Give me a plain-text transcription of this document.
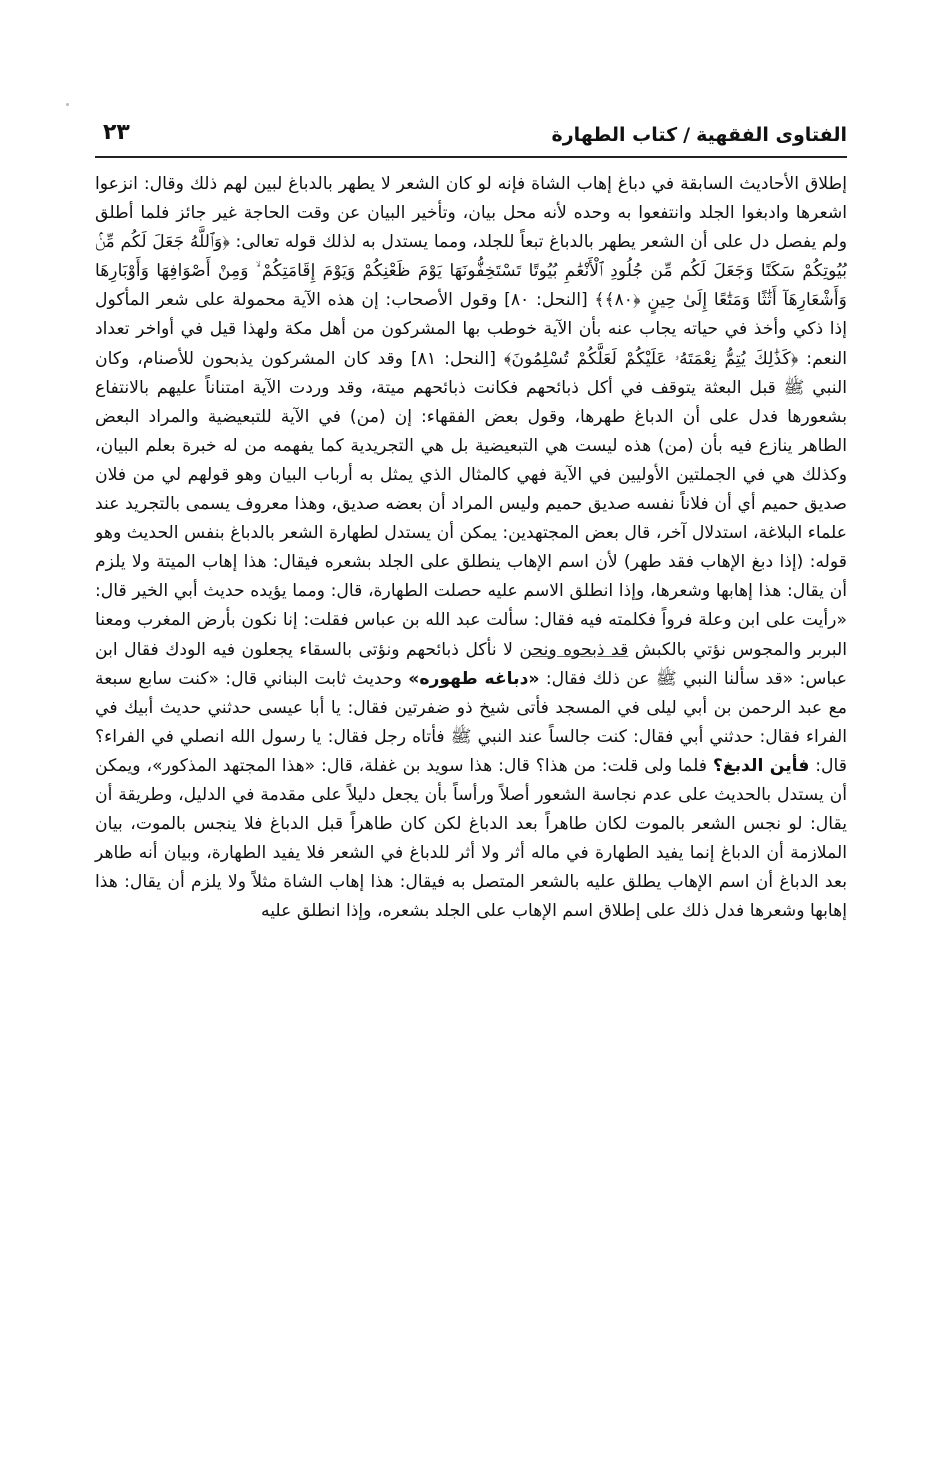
الفتاوى الفقهية/كتاب الطهارة
٢٣

إطلاق الأحاديث السابقة في دباغ إهاب الشاة فإنه لو كان الشعر لا يطهر بالدباغ لبين لهم ذلك وقال: انزعوا اشعرها وادبغوا الجلد وانتفعوا به وحده لأنه محل بيان، وتأخير البيان عن وقت الحاجة غير جائز فلما أطلق ولم يفصل دل على أن الشعر يطهر بالدباغ تبعاً للجلد، ومما يستدل به لذلك قوله تعالى: ﴿وَٱللَّهُ جَعَلَ لَكُم مِّنۢ بُيُوتِكُمْ سَكَنًا وَجَعَلَ لَكُم مِّن جُلُودِ ٱلْأَنْعَٰمِ بُيُوتًا تَسْتَخِفُّونَهَا يَوْمَ ظَعْنِكُمْ وَيَوْمَ إِقَامَتِكُمْ ۙ وَمِنْ أَصْوَافِهَا وَأَوْبَارِهَا وَأَشْعَارِهَآ أَثَٰثًا وَمَتَٰعًا إِلَىٰ حِينٍ ﴿٨٠﴾﴾ [النحل: ٨٠] وقول الأصحاب: إن هذه الآية محمولة على شعر المأكول إذا ذكي وأخذ في حياته يجاب عنه بأن الآية خوطب بها المشركون من أهل مكة ولهذا قيل في أواخر تعداد النعم: ﴿كَذَٰلِكَ يُتِمُّ نِعْمَتَهُۥ عَلَيْكُمْ لَعَلَّكُمْ تُسْلِمُونَ﴾ [النحل: ٨١] وقد كان المشركون يذبحون للأصنام، وكان النبي ﷺ قبل البعثة يتوقف في أكل ذبائحهم فكانت ذبائحهم ميتة، وقد وردت الآية امتناناً عليهم بالانتفاع بشعورها فدل على أن الدباغ طهرها، وقول بعض الفقهاء: إن (من) في الآية للتبعيضية والمراد البعض الطاهر ينازع فيه بأن (من) هذه ليست هي التبعيضية بل هي التجريدية كما يفهمه من له خبرة بعلم البيان، وكذلك هي في الجملتين الأوليين في الآية فهي كالمثال الذي يمثل به أرباب البيان وهو قولهم لي من فلان صديق حميم أي أن فلاناً نفسه صديق حميم وليس المراد أن بعضه صديق، وهذا معروف يسمى بالتجريد عند علماء البلاغة، استدلال آخر، قال بعض المجتهدين: يمكن أن يستدل لطهارة الشعر بالدباغ بنفس الحديث وهو قوله: (إذا دبغ الإهاب فقد طهر) لأن اسم الإهاب ينطلق على الجلد بشعره فيقال: هذا إهاب الميتة ولا يلزم أن يقال: هذا إهابها وشعرها، وإذا انطلق الاسم عليه حصلت الطهارة، قال: ومما يؤيده حديث أبي الخير قال: «رأيت على ابن وعلة فرواً فكلمته فيه فقال: سألت عبد الله بن عباس فقلت: إنا نكون بأرض المغرب ومعنا البربر والمجوس نؤتي بالكبش قد ذبحوه ونحن لا نأكل ذبائحهم ونؤتى بالسقاء يجعلون فيه الودك فقال ابن عباس: «قد سألنا النبي ﷺ عن ذلك فقال: «دباغه طهوره» وحديث ثابت البناني قال: «كنت سابع سبعة مع عبد الرحمن بن أبي ليلى في المسجد فأتى شيخ ذو ضفرتين فقال: يا أبا عيسى حدثني حديث أبيك في الفراء فقال: حدثني أبي فقال: كنت جالساً عند النبي ﷺ فأتاه رجل فقال: يا رسول الله انصلي في الفراء؟ قال: فأين الدبغ؟ فلما ولى قلت: من هذا؟ قال: هذا سويد بن غفلة، قال: «هذا المجتهد المذكور»، ويمكن أن يستدل بالحديث على عدم نجاسة الشعور أصلاً ورأساً بأن يجعل دليلاً على مقدمة في الدليل، وطريقة أن يقال: لو نجس الشعر بالموت لكان طاهراً بعد الدباغ لكن كان طاهراً قبل الدباغ فلا ينجس بالموت، بيان الملازمة أن الدباغ إنما يفيد الطهارة في ماله أثر ولا أثر للدباغ في الشعر فلا يفيد الطهارة، وبيان أنه طاهر بعد الدباغ أن اسم الإهاب يطلق عليه بالشعر المتصل به فيقال: هذا إهاب الشاة مثلاً ولا يلزم أن يقال: هذا إهابها وشعرها فدل ذلك على إطلاق اسم الإهاب على الجلد بشعره، وإذا انطلق عليه
